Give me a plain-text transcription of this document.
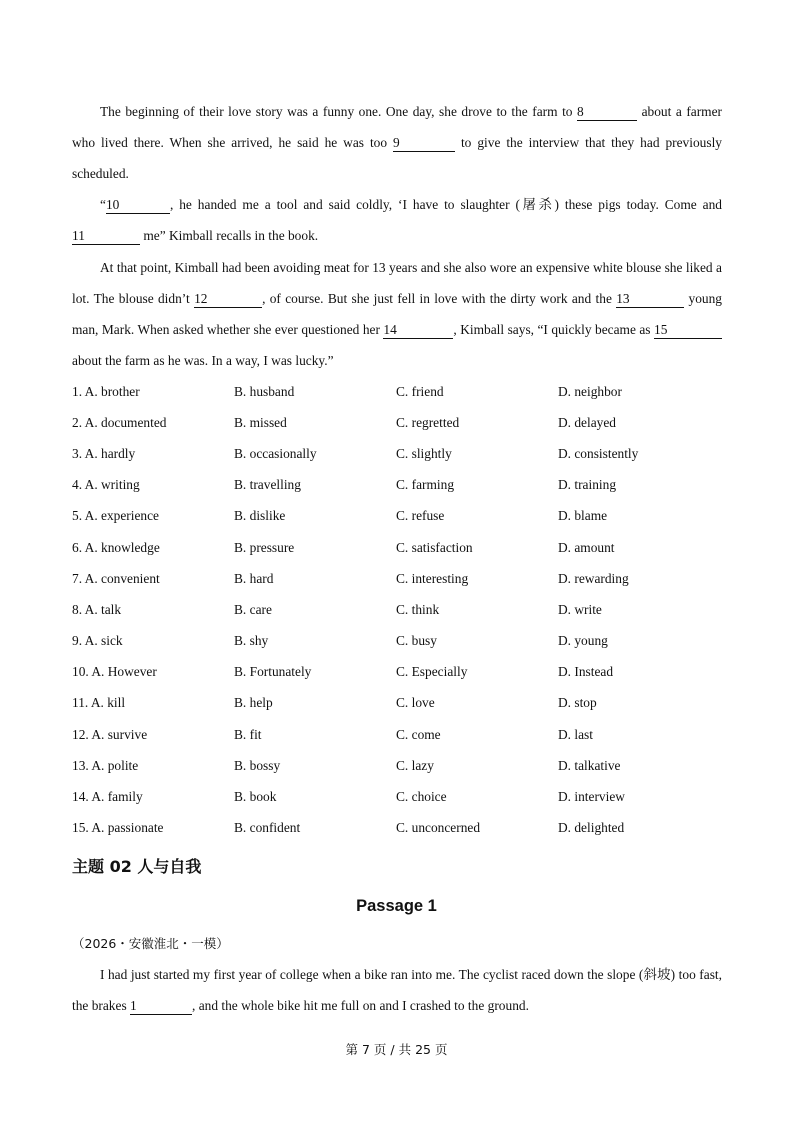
The beginning of their love story was a funny one. One day, she drove to the farm to 8	about a farmer who lived there. When she arrived, he said he was too 9	to give the interview that they had previously scheduled.
“10	, he handed me a tool and said coldly, ‘I have to slaughter (屠杀) these pigs today. Come and 11	me” Kimball recalls in the book.
At that point, Kimball had been avoiding meat for 13 years and she also wore an expensive white blouse she liked a lot. The blouse didn’t 12	, of course. But she just fell in love with the dirty work and the 13	young man, Mark. When asked whether she ever questioned her 14	, Kimball says, “I quickly became as 15 about the farm as he was. In a way, I was lucky.”
1. A. brother	B. husband	C. friend	D. neighbor
2. A. documented	B. missed	C. regretted	D. delayed
3. A. hardly	B. occasionally	C. slightly	D. consistently
4. A. writing	B. travelling	C. farming	D. training
5. A. experience	B. dislike	C. refuse	D. blame
6. A. knowledge	B. pressure	C. satisfaction	D. amount
7. A. convenient	B. hard	C. interesting	D. rewarding
8. A. talk	B. care	C. think	D. write
9. A. sick	B. shy	C. busy	D. young
10. A. However	B. Fortunately	C. Especially	D. Instead
11. A. kill	B. help	C. love	D. stop
12. A. survive	B. fit	C. come	D. last
13. A. polite	B. bossy	C. lazy	D. talkative
14. A. family	B. book	C. choice	D. interview
15. A. passionate	B. confident	C. unconcerned	D. delighted
主题 02 人与自我
Passage 1
（2026・安徽淮北・一模）
I had just started my first year of college when a bike ran into me. The cyclist raced down the slope (斜坡) too fast, the brakes 1	, and the whole bike hit me full on and I crashed to the ground.
第 7 页 / 共 25 页
